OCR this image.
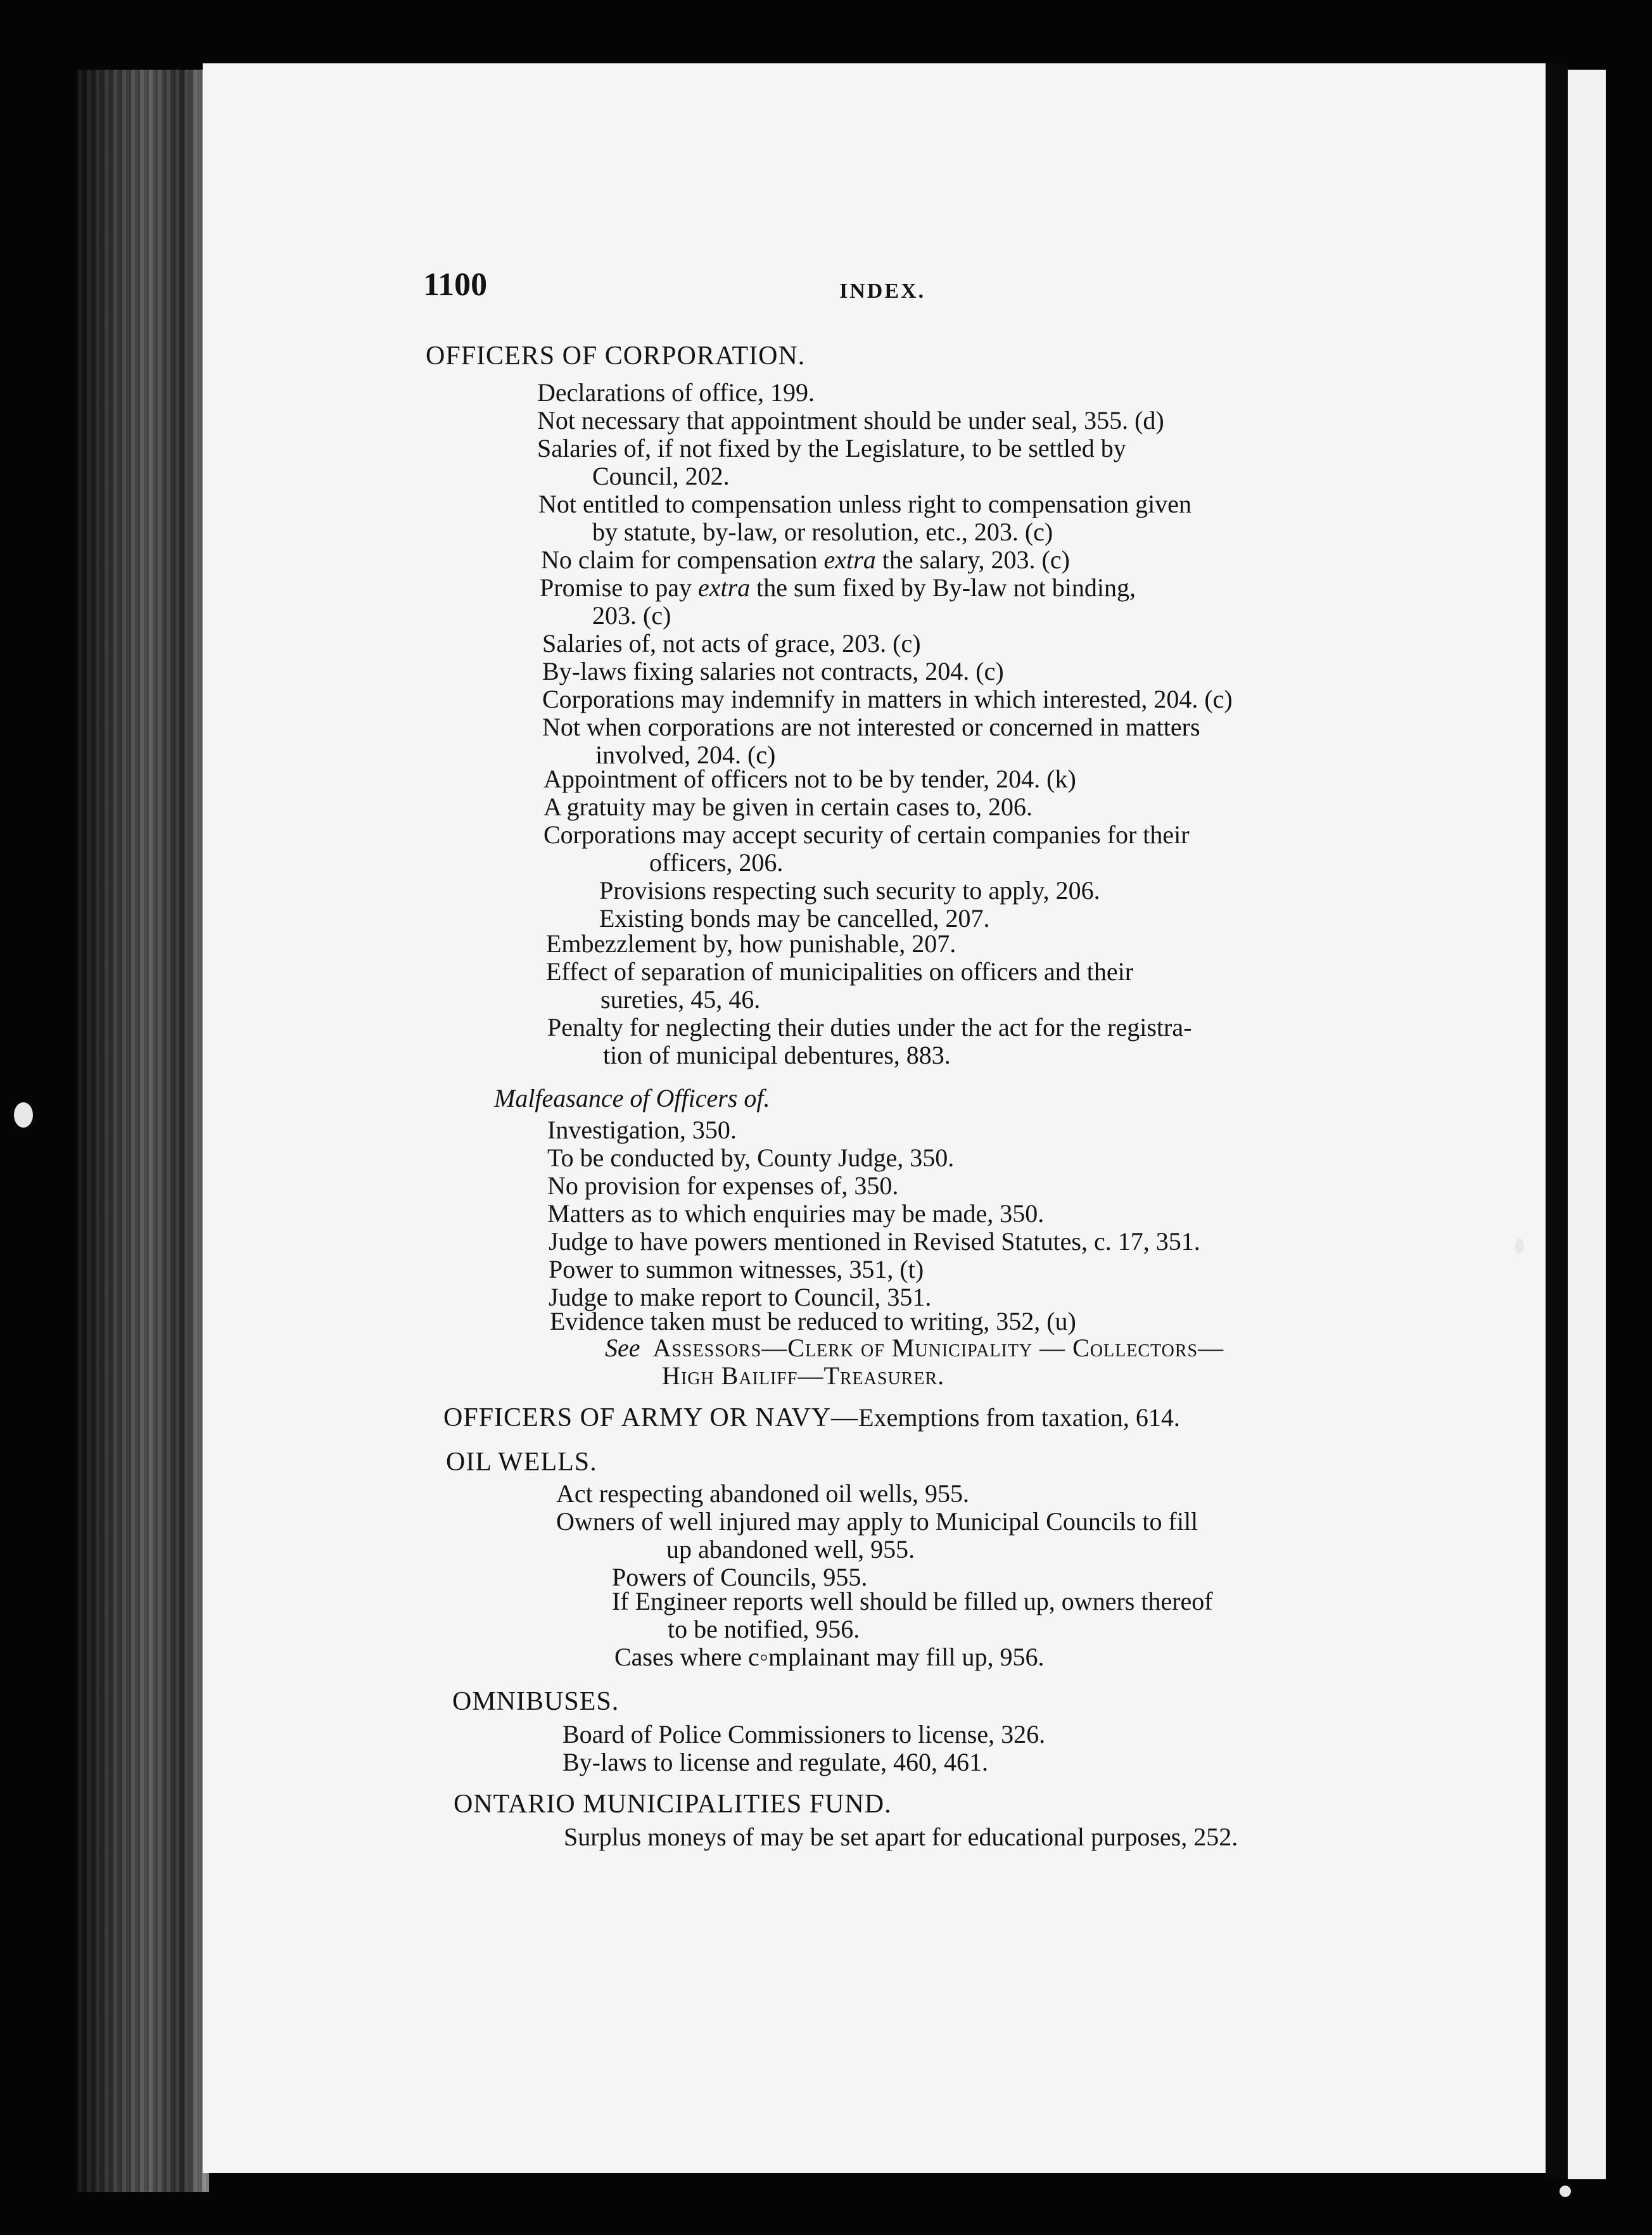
1100	INDEX.
OFFICERS OF CORPORATION.
Declarations of office, 199.
Not necessary that appointment should be under seal, 355. (d)
Salaries of, if not fixed by the Legislature, to be settled by
Council, 202.
Not entitled to compensation unless right to compensation given
by statute, by-law, or resolution, etc., 203. (c)
No claim for compensation extra the salary, 203. (c)
Promise to pay extra the sum fixed by By-law not binding,
203. (c)
Salaries of, not acts of grace, 203. (c)
By-laws fixing salaries not contracts, 204. (c)
Corporations may indemnify in matters in which interested, 204. (c)
Not when corporations are not interested or concerned in matters
involved, 204. (c)
Appointment of officers not to be by tender, 204. (k)
A gratuity may be given in certain cases to, 206.
Corporations may accept security of certain companies for their
officers, 206.
Provisions respecting such security to apply, 206.
Existing bonds may be cancelled, 207.
Embezzlement by, how punishable, 207.
Effect of separation of municipalities on officers and their
sureties, 45, 46.
Penalty for neglecting their duties under the act for the registra-
tion of municipal debentures, 883.
Malfeasance of Officers of.
Investigation, 350.
To be conducted by, County Judge, 350.
No provision for expenses of, 350.
Matters as to which enquiries may be made, 350.
Judge to have powers mentioned in Revised Statutes, c. 17, 351.
Power to summon witnesses, 351, (t)
Judge to make report to Council, 351.
Evidence taken must be reduced to writing, 352, (u)
See Assessors—Clerk of Municipality — Collectors—
High Bailiff—Treasurer.
OFFICERS OF ARMY OR NAVY—Exemptions from taxation, 614.
OIL WELLS.
Act respecting abandoned oil wells, 955.
Owners of well injured may apply to Municipal Councils to fill
up abandoned well, 955.
Powers of Councils, 955.
If Engineer reports well should be filled up, owners thereof
to be notified, 956.
Cases where c◦mplainant may fill up, 956.
OMNIBUSES.
Board of Police Commissioners to license, 326.
By-laws to license and regulate, 460, 461.
ONTARIO MUNICIPALITIES FUND.
Surplus moneys of may be set apart for educational purposes, 252.
